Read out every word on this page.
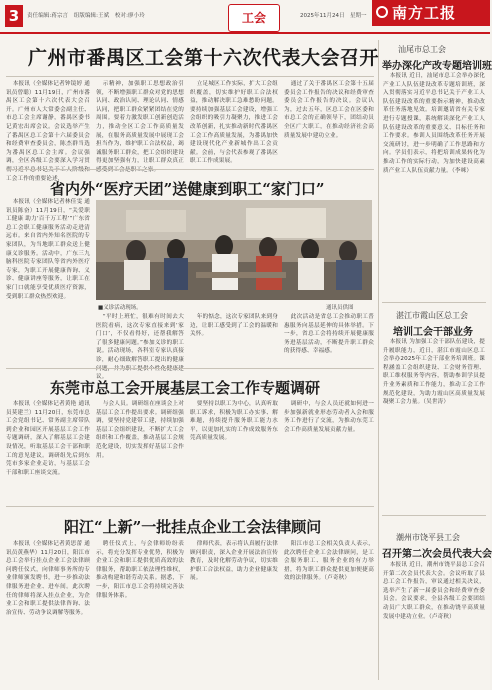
3	责任编辑:蒋宗言　组版编辑:王斌　校对:廖小玲	工会	2025年11月24日　星期一 南方工报
广州市番禺区工会第十六次代表大会召开

本报讯（全媒体记者钟镜婷 通讯员曾聪）11月19日，广州市番禺区工会第十六次代表大会召开。广州市人大常委会副主任、市总工会主席谢静，番禺区委书记黄宏出席会议。会议选举产生了番禺区总工会第十六届委员会和经费审查委员会，陈杰群当选为番禺区总工会主席。会议强调，全区各级工会要深入学习贯 工会工作的重要论述，

示精神，加强职工思想政治引领，不断增强职工群众对党的思想认同、政治认同、理论认同、情感认同，把职工群众紧紧团结在党的周围。要着力激发职工创新创造活力，推动全区工会工作高质量发展，在服务高质量发展中展现工会担当作为，维护职工合法权益，竭诚服务职工群众，把工会组织建设得更加坚强有力，让职工群众真正

立足城区工作实际，扩大工会组织覆盖，切实维护好职工合法权益，推动解决职工急难愁盼问题。要持续加强基层工会建设，增强工会组织的吸引力凝聚力，推进工会改革创新，扎实推动新时代番禺区工会工作高质量发展，为番禺加快建设现代化产业新城作出工会贡献。会前，与会代表参观了番禺区职工工作成果展。

通过了关于番禺区工会第十五届委员会工作报告的决议和经费审查委员会工作报告的决议。会议认为，过去五年，区总工会在区委和市总工会的正确领导下，团结动员全区广大职工，在推动经济社会高质量发展中建功立业。

省内外“医疗天团”送健康到职工“家门口”

本报讯（全媒体记者林佳雯 通讯员陈奋）11月19日，“关爱职工健康 助力‘百千万工程’”广东省总工会职工健康服务活动走进清远市。来自省内外知名医院的专家团队，为当地职工群众送上健康义诊服务。活动中，广东三九脑科医院专家团队等省内外医疗专家，为职工开展健康咨询、义诊、健康讲座等服务，让职工在家门口就能享受优质医疗资源，受到职工群众热烈欢迎。

■义诊活动现场。	通讯员供图

“平时上班忙，很难有时间去大医院看病，这次专家直接来到‘家门口’，不仅看得好，还帮我解答了很多健康问题。”参加义诊的职工说。活动现场，各科室专家认真接诊，耐心细致解答职工提出的健康 议。

年的惦念，这次专家团队来到身边，让职工感受到了工会的温暖和关怀。

此次活动是省总工会推动职工普惠服务向基层延伸的具体举措。下一步，省总工会将持续开展健康服务进基层活动，不断提升职工群众的获得感、幸福感。

东莞市总工会开展基层工会工作专题调研

本报讯（全媒体记者黄艳 通讯员莫建兰）11月20日，东莞市总工会党组书记、常务副主席带队到企业和园区开展基层工会工作专题调研，深入了解基层工会建设情况，听取基层工会干部和职工的意见建议。调研组先后到东莞市多家企业走访，与基层工会干部和职工座谈交流。

与会人员。调研组在座谈会上对基层工会工作提出要求。调研组强调，要坚持党建带工建，持续加强基层工会组织建设，不断扩大工会组织和工作覆盖，推动基层工会规范化建设，切实发挥好基层工会作用。

要坚持以职工为中心，认真听取职工诉求，积极为职工办实事、解难题，持续提升服务职工能力水平，以更加扎实的工作成效服务东莞高质量发展。

调研中，与会人员还就如何进一步加强新就业形态劳动者入会和服务工作进行了交流，为推动东莞工会工作高质量发展贡献力量。

阳江“上新”一批挂点企业工会法律顾问

本报讯（全媒体记者黄思蕾 通讯员黄燕华）11月20日，阳江市总工会举行挂点企业工会法律顾问聘任仪式，向律师事务所的专业律师颁发聘书，进一步推动法律服务进企业、进车间。此次聘任的律师将深入挂点企业，为企业工会和职工提供法律咨询、法治宣传、劳动争议调解等服务。

聘任仪式上，与会律师纷纷表示，将充分发挥专业优势，积极为企业工会和职工提供优质高效的法律服务，帮助职工依法理性维权，推动构建和谐劳动关系。据悉，下一步，阳江市总工会将持续完善法律服务体系。

律师代表，表示将认真履行法律顾问职责，深入企业开展法治宣传教育，及时化解劳动争议，切实维护职工合法权益，助力企业健康发展。

阳江市总工会相关负责人表示，此次聘任企业工会法律顾问，是工会服务职工、服务企业的有力举措，将为职工群众提供更加便捷高效的法律服务。（卢奇秋）

汕尾市总工会
举办深化产改专题培训班

本报讯 近日，汕尾市总工会举办深化产业工人队伍建设改革专题培训班，深入贯彻落实习近平总书记关于产业工人队伍建设改革的重要指示精神，推动改革任务落地见效。培训邀请省有关专家进行专题授课，系统解读深化产业工人队伍建设改革的重要意义、目标任务和工作要求。参训人员围绕改革任务开展交流研讨，进一步明确了工作思路和方向。学员们表示，将把培训成果转化为推动工作的实际行动，为加快建设高素质产业工人队伍贡献力量。（李咪）

湛江市霞山区总工会
培训工会干部业务

本报讯 为加强工会干部队伍建设，提升履职能力，近日，湛江市霞山区总工会举办2025年工会干部业务培训班。课程涵盖工会组织建设、工会财务管理、职工维权服务等内容，帮助参训学员提升业务素质和工作能力，推动工会工作规范化建设，为助力霞山区高质量发展凝聚工会力量。（吴世涛）

潮州市饶平县工会
召开第二次会员代表大会

本报讯 近日，潮州市饶平县总工会召开第二次会员代表大会。会议听取了县总工会工作报告，审议通过相关决议，选举产生了新一届委员会和经费审查委员会。会议要求，全县各级工会要团结动员广大职工群众，在推动饶平高质量发展中建功立业。（卢奇秋）
